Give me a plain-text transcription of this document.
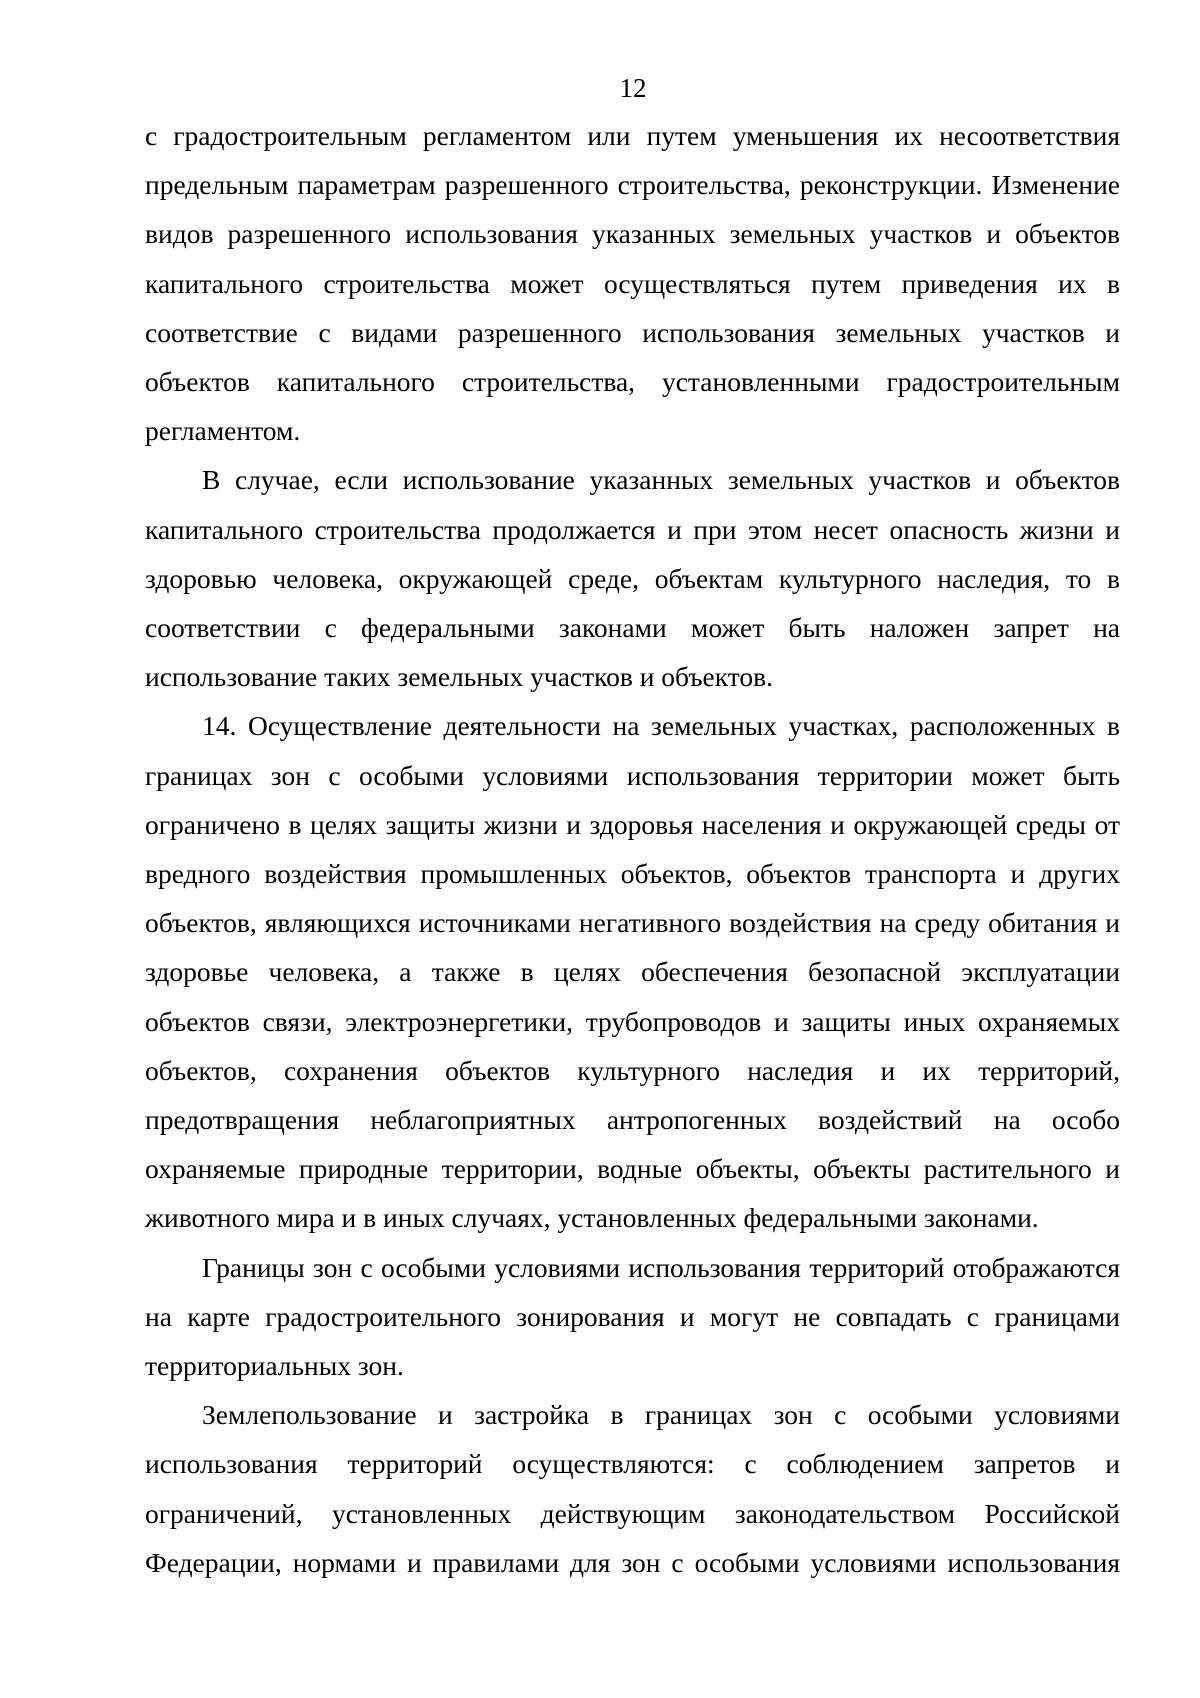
12

с градостроительным регламентом или путем уменьшения их несоответствия предельным параметрам разрешенного строительства, реконструкции. Изменение видов разрешенного использования указанных земельных участков и объектов капитального строительства может осуществляться путем приведения их в соответствие с видами разрешенного использования земельных участков и объектов капитального строительства, установленными градостроительным регламентом.

В случае, если использование указанных земельных участков и объектов капитального строительства продолжается и при этом несет опасность жизни и здоровью человека, окружающей среде, объектам культурного наследия, то в соответствии с федеральными законами может быть наложен запрет на использование таких земельных участков и объектов.

14. Осуществление деятельности на земельных участках, расположенных в границах зон с особыми условиями использования территории может быть ограничено в целях защиты жизни и здоровья населения и окружающей среды от вредного воздействия промышленных объектов, объектов транспорта и других объектов, являющихся источниками негативного воздействия на среду обитания и здоровье человека, а также в целях обеспечения безопасной эксплуатации объектов связи, электроэнергетики, трубопроводов и защиты иных охраняемых объектов, сохранения объектов культурного наследия и их территорий, предотвращения неблагоприятных антропогенных воздействий на особо охраняемые природные территории, водные объекты, объекты растительного и животного мира и в иных случаях, установленных федеральными законами.

Границы зон с особыми условиями использования территорий отображаются на карте градостроительного зонирования и могут не совпадать с границами территориальных зон.

Землепользование и застройка в границах зон с особыми условиями использования территорий осуществляются: с соблюдением запретов и ограничений, установленных действующим законодательством Российской Федерации, нормами и правилами для зон с особыми условиями использования
